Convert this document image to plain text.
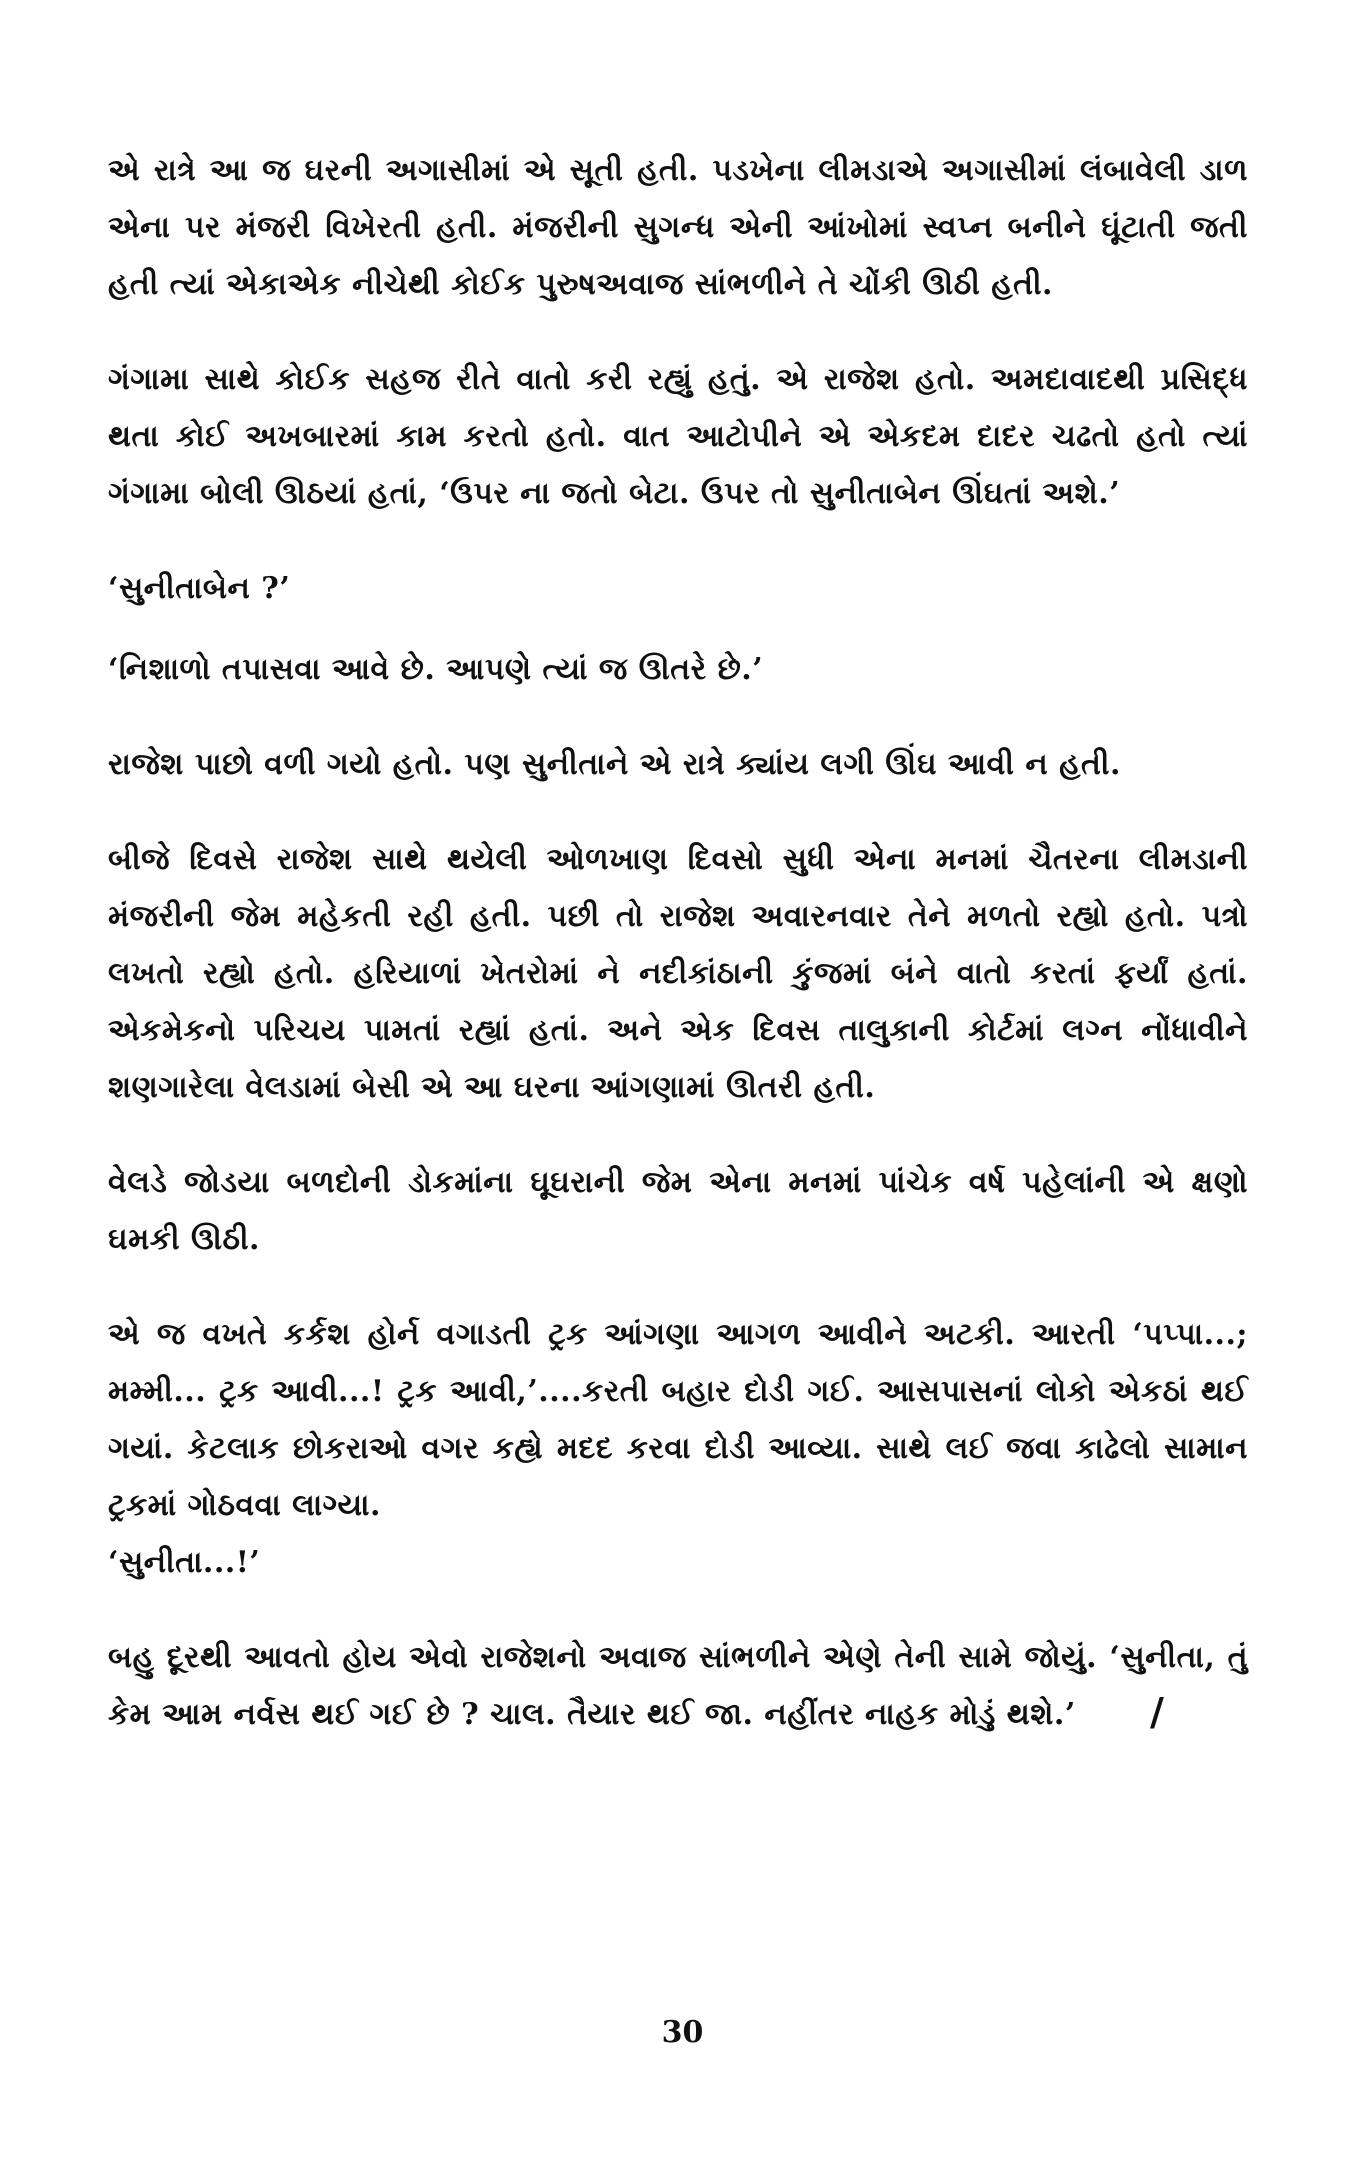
એ રાત્રે આ જ ઘરની અગાસીમાં એ સૂતી હતી. પડખેના લીમડાએ અગાસીમાં લંબાવેલી ડાળ એના પર મંજરી વિખેરતી હતી. મંજરીની સુગન્ધ એની આંખોમાં સ્વપ્ન બનીને ઘૂંટાતી જતી હતી ત્યાં એકાએક નીચેથી કોઈક પુરુષઅવાજ સાંભળીને તે ચોંકી ઊઠી હતી.

ગંગામા સાથે કોઈક સહજ રીતે વાતો કરી રહ્યું હતું. એ રાજેશ હતો. અમદાવાદથી પ્રસિદ્ધ થતા કોઈ અખબારમાં કામ કરતો હતો. વાત આટોપીને એ એકદમ દાદર ચઢતો હતો ત્યાં ગંગામા બોલી ઊઠયાં હતાં, ‘ઉપર ના જતો બેટા. ઉપર તો સુનીતાબેન ઊંઘતાં અશે.’

‘સુનીતાબેન ?’

‘નિશાળો તપાસવા આવે છે. આપણે ત્યાં જ ઊતરે છે.’

રાજેશ પાછો વળી ગયો હતો. પણ સુનીતાને એ રાત્રે ક્યાંય લગી ઊંઘ આવી ન હતી.

બીજે દિવસે રાજેશ સાથે થયેલી ઓળખાણ દિવસો સુધી એના મનમાં ચૈતરના લીમડાની મંજરીની જેમ મહેકતી રહી હતી. પછી તો રાજેશ અવારનવાર તેને મળતો રહ્યો હતો. પત્રો લખતો રહ્યો હતો. હરિયાળાં ખેતરોમાં ને નદીકાંઠાની કુંજમાં બંને વાતો કરતાં ફર્યાં હતાં. એકમેકનો પરિચય પામતાં રહ્યાં હતાં. અને એક દિવસ તાલુકાની કોર્ટમાં લગ્ન નોંધાવીને શણગારેલા વેલડામાં બેસી એ આ ઘરના આંગણામાં ઊતરી હતી.

વેલડે જોડયા બળદોની ડોકમાંના ઘૂઘરાની જેમ એના મનમાં પાંચેક વર્ષ પહેલાંની એ ક્ષણો ઘમકી ઊઠી.

એ જ વખતે કર્કશ હોર્ન વગાડતી ટ્રક આંગણા આગળ આવીને અટકી. આરતી ‘પપ્પા...; મમ્મી... ટ્રક આવી...! ટ્રક આવી,’....કરતી બહાર દોડી ગઈ. આસપાસનાં લોકો એકઠાં થઈ ગયાં. કેટલાક છોકરાઓ વગર કહ્યે મદદ કરવા દોડી આવ્યા. સાથે લઈ જવા કાઢેલો સામાન ટ્રકમાં ગોઠવવા લાગ્યા.

‘સુનીતા...!’

બહુ દૂરથી આવતો હોય એવો રાજેશનો અવાજ સાંભળીને એણે તેની સામે જોયું. ‘સુનીતા, તું કેમ આમ નર્વસ થઈ ગઈ છે ? ચાલ. તૈયાર થઈ જા. નહીંતર નાહક મોડું થશે.’	/
30
